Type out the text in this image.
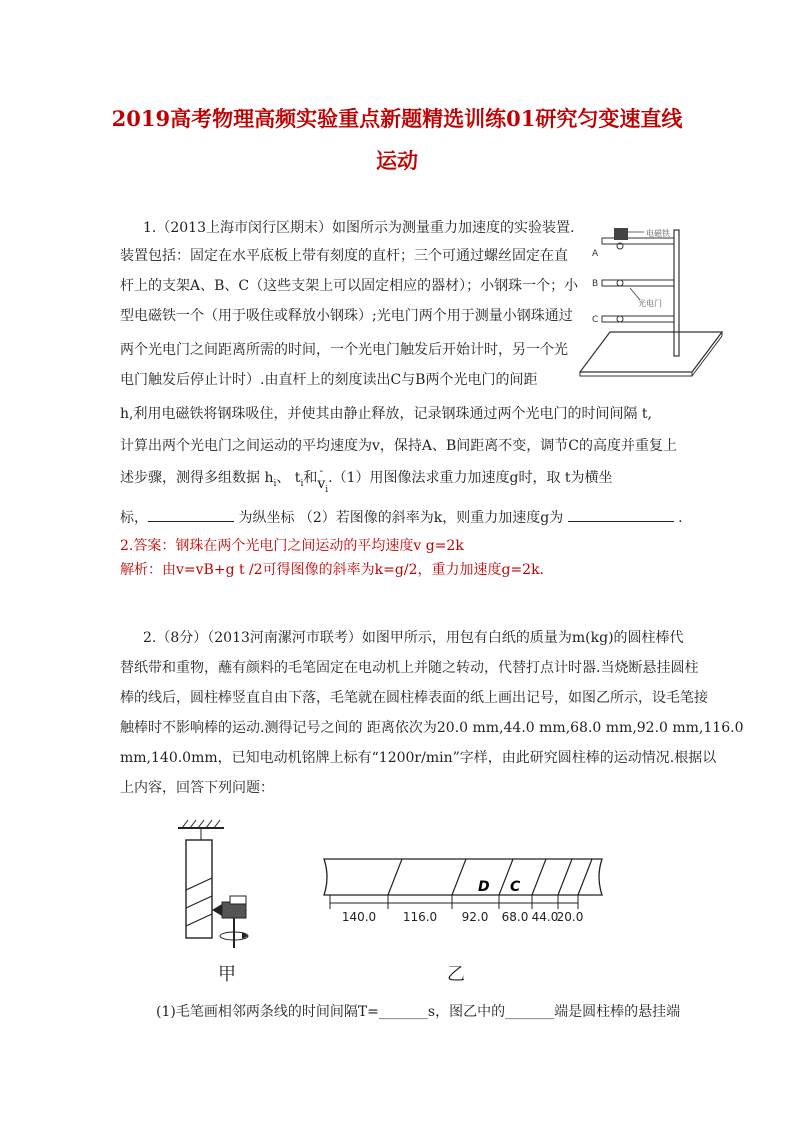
2019高考物理高频实验重点新题精选训练01研究匀变速直线
运动
1.（2013上海市闵行区期末）如图所示为测量重力加速度的实验装置.
装置包括：固定在水平底板上带有刻度的直杆；三个可通过螺丝固定在直
杆上的支架A、B、C（这些支架上可以固定相应的器材）；小钢珠一个；小
型电磁铁一个（用于吸住或释放小钢珠）;光电门两个用于测量小钢珠通过
两个光电门之间距离所需的时间，一个光电门触发后开始计时，另一个光
电门触发后停止计时）.由直杆上的刻度读出C与B两个光电门的间距
h,利用电磁铁将钢珠吸住，并使其由静止释放，记录钢珠通过两个光电门的时间间隔 t,
计算出两个光电门之间运动的平均速度为v，保持A、B间距离不变，调节C的高度并重复上
述步骤，测得多组数据 $h_i$、 $t_i$和 -
$v_i.(1)$用图像法求重力加速度g时，取 t为横坐
标，	为纵坐标 （2）若图像的斜率为k，则重力加速度g为	.
2.答案：钢珠在两个光电门之间运动的平均速度v g=2k
解析：由v=vB+g t /2可得图像的斜率为k=g/2，重力加速度g=2k.
电磁铁
光电门
A
B
C
2.（8分）（2013河南漯河市联考）如图甲所示，用包有白纸的质量为m(kg)的圆柱棒代
替纸带和重物，蘸有颜料的毛笔固定在电动机上并随之转动，代替打点计时器.当烧断悬挂圆柱
棒的线后，圆柱棒竖直自由下落，毛笔就在圆柱棒表面的纸上画出记号，如图乙所示，设毛笔接
触棒时不影响棒的运动.测得记号之间的 距离依次为20.0 mm,44.0 mm,68.0 mm,92.0 mm,116.0
mm,140.0mm，已知电动机铭牌上标有“1200r/min”字样，由此研究圆柱棒的运动情况.根据以
上内容，回答下列问题：
甲
D C
140.0 116.0 92.0 68.0 44.0
20.0
乙
(1)毛笔画相邻两条线的时间间隔T=_______s，图乙中的_______端是圆柱棒的悬挂端
